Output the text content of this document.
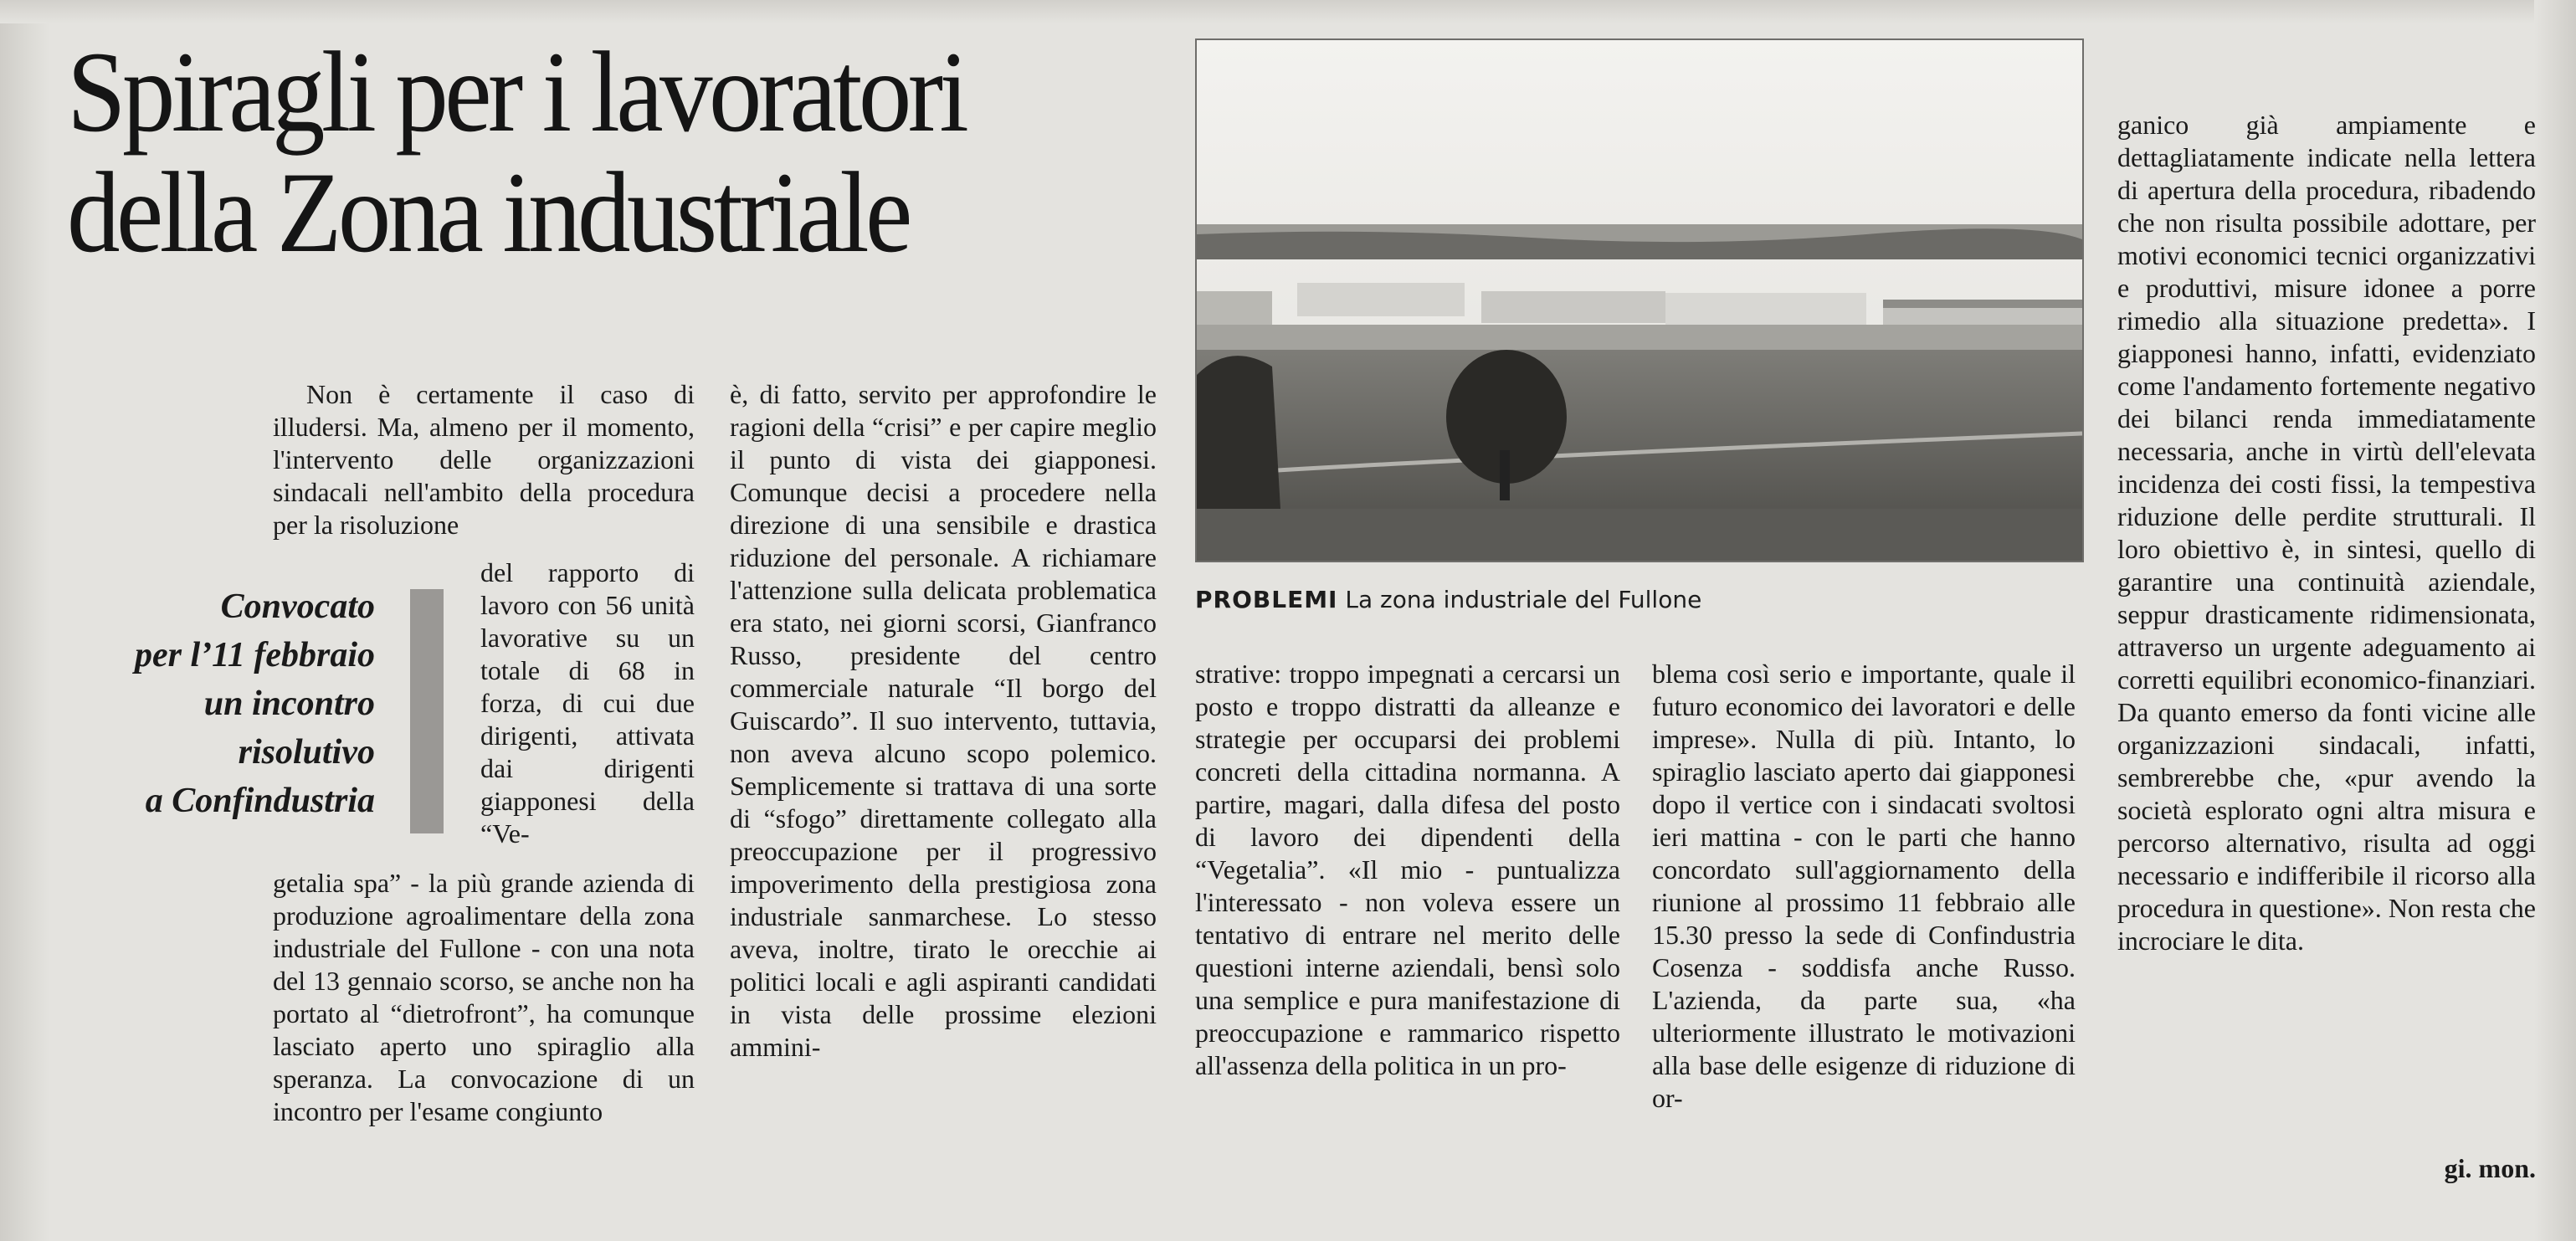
Spiragli per i lavoratori
della Zona industriale

Non è certamente il caso di illudersi. Ma, almeno per il momento, l'intervento delle organizzazioni sindacali nell'ambito della procedura per la risoluzione

Convocato
per l’11 febbraio
un incontro
risolutivo
a Confindustria

del rapporto di lavoro con 56 unità lavorative su un totale di 68 in forza, di cui due dirigenti, attivata dai dirigenti giapponesi della “Ve-

getalia spa” - la più grande azienda di produzione agroalimentare della zona industriale del Fullone - con una nota del 13 gennaio scorso, se anche non ha portato al “dietrofront”, ha comunque lasciato aperto uno spiraglio alla speranza. La convocazione di un incontro per l'esame congiunto

è, di fatto, servito per approfondire le ragioni della “crisi” e per capire meglio il punto di vista dei giapponesi. Comunque decisi a procedere nella direzione di una sensibile e drastica riduzione del personale. A richiamare l'attenzione sulla delicata problematica era stato, nei giorni scorsi, Gianfranco Russo, presidente del centro commerciale naturale “Il borgo del Guiscardo”. Il suo intervento, tuttavia, non aveva alcuno scopo polemico. Semplicemente si trattava di una sorte di “sfogo” direttamente collegato alla preoccupazione per il progressivo impoverimento della prestigiosa zona industriale sanmarchese. Lo stesso aveva, inoltre, tirato le orecchie ai politici locali e agli aspiranti candidati in vista delle prossime elezioni ammini-

PROBLEMI La zona industriale del Fullone

strative: troppo impegnati a cercarsi un posto e troppo distratti da alleanze e strategie per occuparsi dei problemi concreti della cittadina normanna. A partire, magari, dalla difesa del posto di lavoro dei dipendenti della “Vegetalia”. «Il mio - puntualizza l'interessato - non voleva essere un tentativo di entrare nel merito delle questioni interne aziendali, bensì solo una semplice e pura manifestazione di preoccupazione e rammarico rispetto all'assenza della politica in un pro-

blema così serio e importante, quale il futuro economico dei lavoratori e delle imprese». Nulla di più. Intanto, lo spiraglio lasciato aperto dai giapponesi dopo il vertice con i sindacati svoltosi ieri mattina - con le parti che hanno concordato sull'aggiornamento della riunione al prossimo 11 febbraio alle 15.30 presso la sede di Confindustria Cosenza - soddisfa anche Russo. L'azienda, da parte sua, «ha ulteriormente illustrato le motivazioni alla base delle esigenze di riduzione di or-

ganico già ampiamente e dettagliatamente indicate nella lettera di apertura della procedura, ribadendo che non risulta possibile adottare, per motivi economici tecnici organizzativi e produttivi, misure idonee a porre rimedio alla situazione predetta». I giapponesi hanno, infatti, evidenziato come l'andamento fortemente negativo dei bilanci renda immediatamente necessaria, anche in virtù dell'elevata incidenza dei costi fissi, la tempestiva riduzione delle perdite strutturali. Il loro obiettivo è, in sintesi, quello di garantire una continuità aziendale, seppur drasticamente ridimensionata, attraverso un urgente adeguamento ai corretti equilibri economico-finanziari. Da quanto emerso da fonti vicine alle organizzazioni sindacali, infatti, sembrerebbe che, «pur avendo la società esplorato ogni altra misura e percorso alternativo, risulta ad oggi necessario e indifferibile il ricorso alla procedura in questione». Non resta che incrociare le dita.

gi. mon.
